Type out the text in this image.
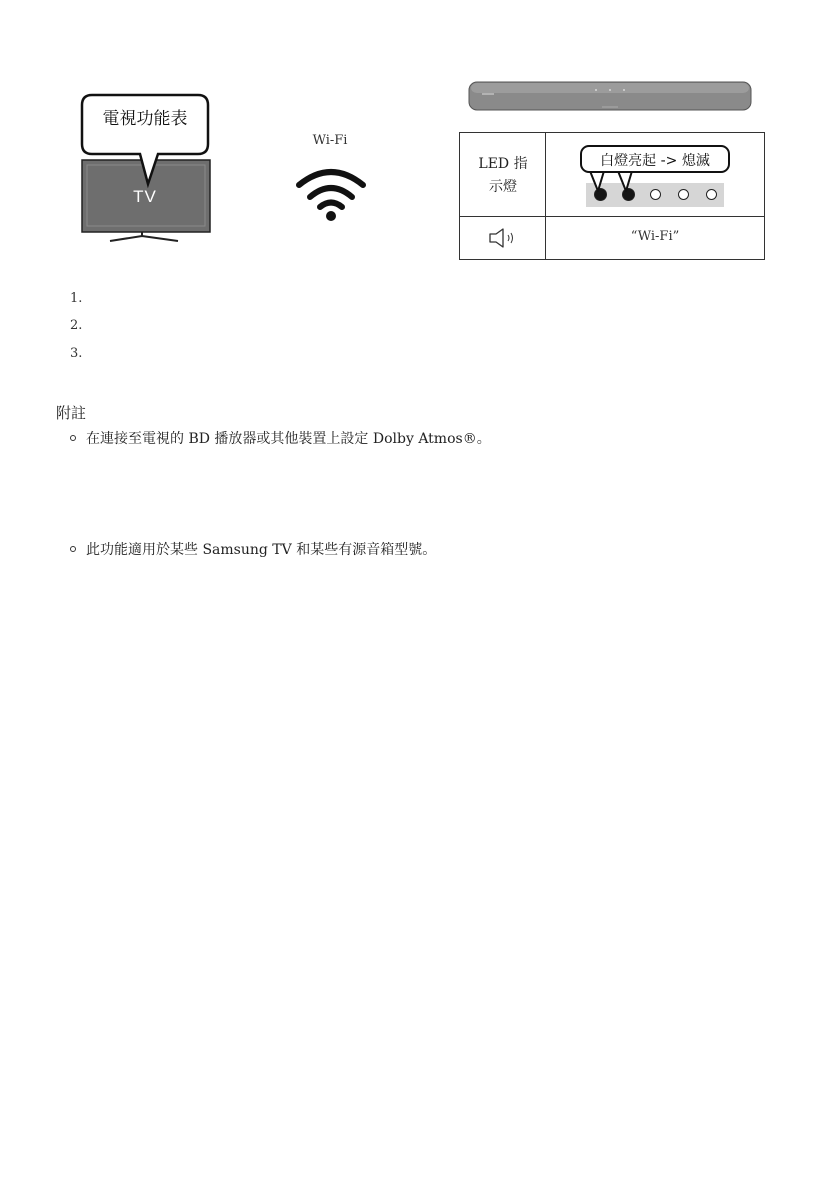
電視功能表
TV
Wi-Fi
LED 指
示燈
白燈亮起 -> 熄滅
“Wi-Fi”
1.
2.
3.
附註
在連接至電視的 BD 播放器或其他裝置上設定 Dolby Atmos®。
此功能適用於某些 Samsung TV 和某些有源音箱型號。
